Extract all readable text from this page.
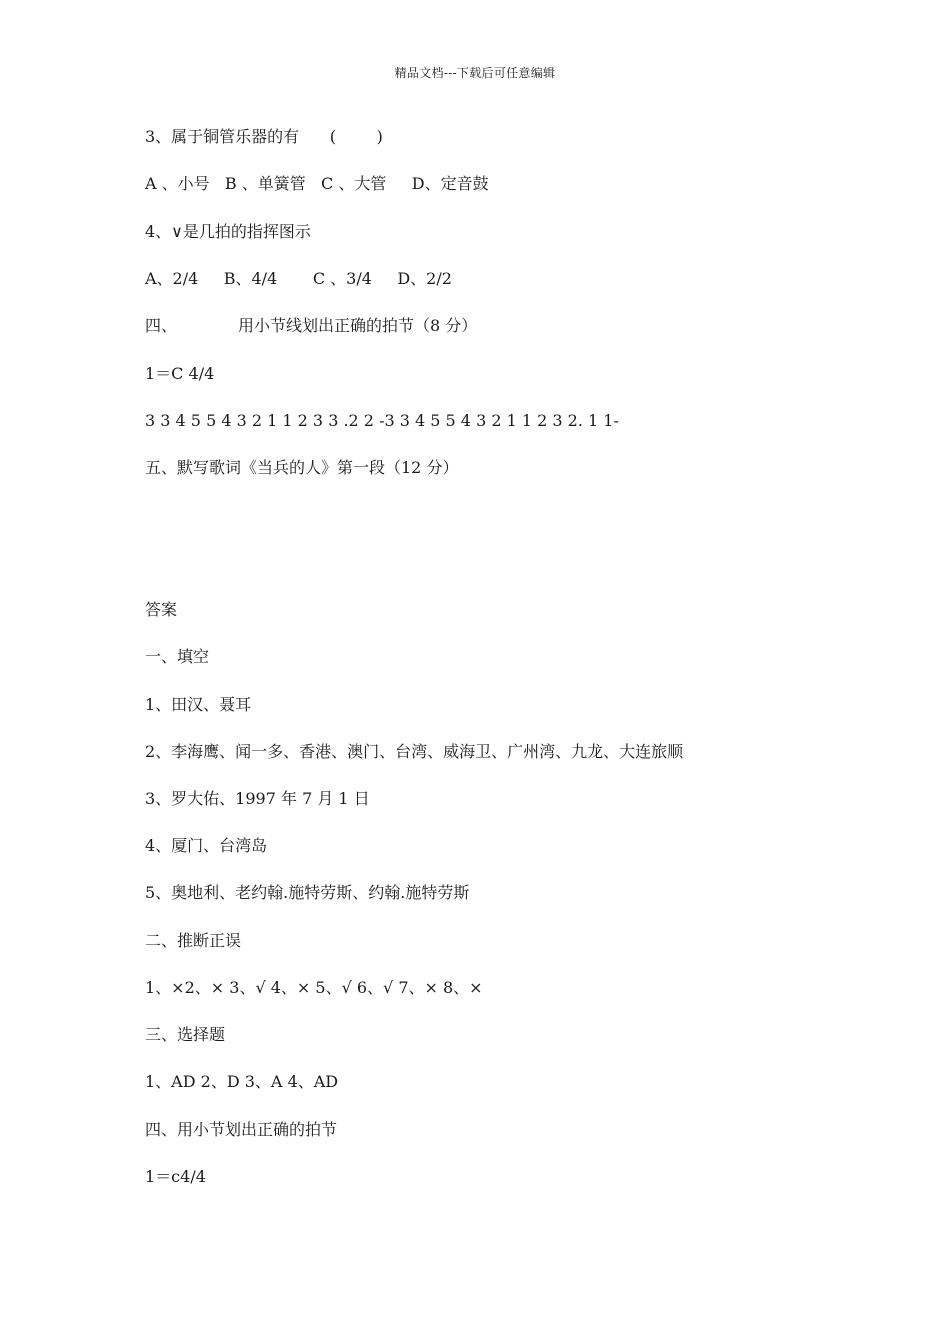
精品文档---下载后可任意编辑
3、属于铜管乐器的有      (        )
A 、小号   B 、单簧管   C 、大管     D、定音鼓
4、∨是几拍的指挥图示
A、2/4     B、4/4       C 、3/4     D、2/2
四、            用小节线划出正确的拍节（8 分）
1＝C 4/4
3 3 4 5 5 4 3 2 1 1 2 3 3 .2 2 -3 3 4 5 5 4 3 2 1 1 2 3 2. 1 1-
五、默写歌词《当兵的人》第一段（12 分）
答案
一、填空
1、田汉、聂耳
2、李海鹰、闻一多、香港、澳门、台湾、威海卫、广州湾、九龙、大连旅顺
3、罗大佑、1997 年 7 月 1 日
4、厦门、台湾岛
5、奥地利、老约翰.施特劳斯、约翰.施特劳斯
二、推断正误
1、×2、× 3、√ 4、× 5、√ 6、√ 7、× 8、×
三、选择题
1、AD 2、D 3、A 4、AD
四、用小节划出正确的拍节
1＝c4/4
